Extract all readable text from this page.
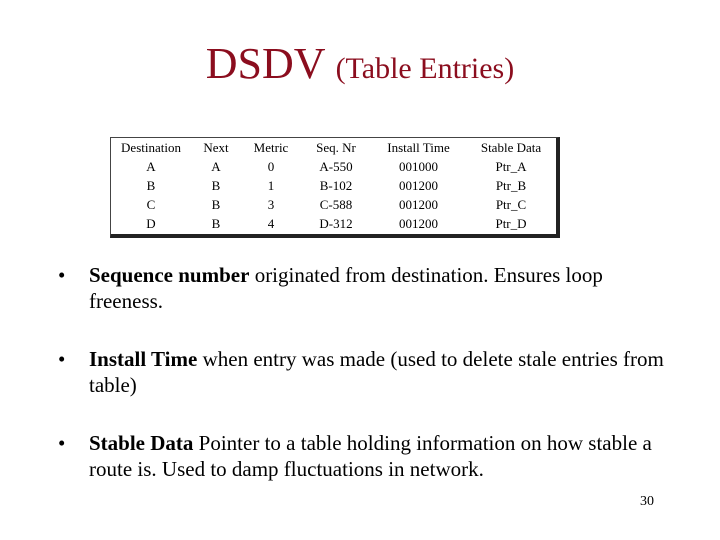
DSDV (Table Entries)
Destination	Next	Metric	Seq. Nr	Install Time	Stable Data
A	A	0	A-550	001000	Ptr_A
B	B	1	B-102	001200	Ptr_B
C	B	3	C-588	001200	Ptr_C
D	B	4	D-312	001200	Ptr_D
• Sequence number originated from destination. Ensures loop freeness.
• Install Time when entry was made (used to delete stale entries from table)
• Stable Data Pointer to a table holding information on how stable a route is. Used to damp fluctuations in network.
30
